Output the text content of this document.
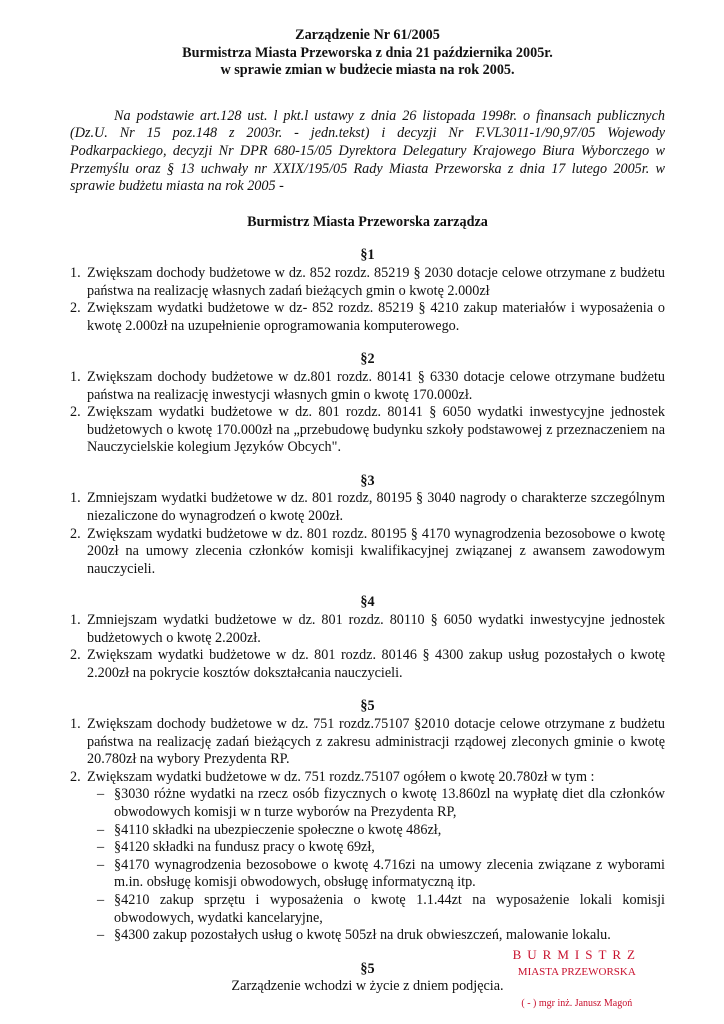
Zarządzenie Nr 61/2005
Burmistrza Miasta Przeworska z dnia 21 października 2005r.
w sprawie zmian w budżecie miasta na rok 2005.
Na podstawie art.128 ust. l pkt.l ustawy z dnia 26 listopada 1998r. o finansach publicznych (Dz.U. Nr 15 poz.148 z 2003r. - jedn.tekst) i decyzji Nr F.VL3011-1/90,97/05 Wojewody Podkarpackiego, decyzji Nr DPR 680-15/05 Dyrektora Delegatury Krajowego Biura Wyborczego w Przemyślu oraz § 13 uchwały nr XXIX/195/05 Rady Miasta Przeworska z dnia 17 lutego 2005r. w sprawie budżetu miasta na rok 2005 -
Burmistrz Miasta Przeworska zarządza
§1
1. Zwiększam dochody budżetowe w dz. 852 rozdz. 85219 § 2030 dotacje celowe otrzymane z budżetu państwa na realizację własnych zadań bieżących gmin o kwotę 2.000zł
2. Zwiększam wydatki budżetowe w dz- 852 rozdz. 85219 § 4210 zakup materiałów i wyposażenia o kwotę 2.000zł na uzupełnienie oprogramowania komputerowego.
§2
1. Zwiększam dochody budżetowe w dz.801 rozdz. 80141 § 6330 dotacje celowe otrzymane budżetu państwa na realizację inwestycji własnych gmin o kwotę 170.000zł.
2. Zwiększam wydatki budżetowe w dz. 801 rozdz. 80141 § 6050 wydatki inwestycyjne jednostek budżetowych o kwotę 170.000zł na „przebudowę budynku szkoły podstawowej z przeznaczeniem na Nauczycielskie kolegium Języków Obcych".
§3
1. Zmniejszam wydatki budżetowe w dz. 801 rozdz, 80195 § 3040 nagrody o charakterze szczególnym niezaliczone do wynagrodzeń o kwotę 200zł.
2. Zwiększam wydatki budżetowe w dz. 801 rozdz. 80195 § 4170 wynagrodzenia bezosobowe o kwotę 200zł na umowy zlecenia członków komisji kwalifikacyjnej związanej z awansem zawodowym nauczycieli.
§4
1. Zmniejszam wydatki budżetowe w dz. 801 rozdz. 80110 § 6050 wydatki inwestycyjne jednostek budżetowych o kwotę 2.200zł.
2. Zwiększam wydatki budżetowe w dz. 801 rozdz. 80146 § 4300 zakup usług pozostałych o kwotę 2.200zł na pokrycie kosztów dokształcania nauczycieli.
§5
1. Zwiększam dochody budżetowe w dz. 751 rozdz.75107 §2010 dotacje celowe otrzymane z budżetu państwa na realizację zadań bieżących z zakresu administracji rządowej zleconych gminie o kwotę 20.780zł na wybory Prezydenta RP.
2. Zwiększam wydatki budżetowe w dz. 751 rozdz.75107 ogółem o kwotę 20.780zł w tym :
– §3030 różne wydatki na rzecz osób fizycznych o kwotę 13.860zl na wypłatę diet dla członków obwodowych komisji w n turze wyborów na Prezydenta RP,
– §4110 składki na ubezpieczenie społeczne o kwotę 486zł,
– §4120 składki na fundusz pracy o kwotę 69zł,
– §4170 wynagrodzenia bezosobowe o kwotę 4.716zi na umowy zlecenia związane z wyborami m.in. obsługę komisji obwodowych, obsługę informatyczną itp.
– §4210 zakup sprzętu i wyposażenia o kwotę 1.1.44zt na wyposażenie lokali komisji obwodowych, wydatki kancelaryjne,
– §4300 zakup pozostałych usług o kwotę 505zł na druk obwieszczeń, malowanie lokalu.
§5
Zarządzenie wchodzi w życie z dniem podjęcia.
BURMISTRZ
MIASTA PRZEWORSKA
( - ) mgr inż. Janusz Magoń
